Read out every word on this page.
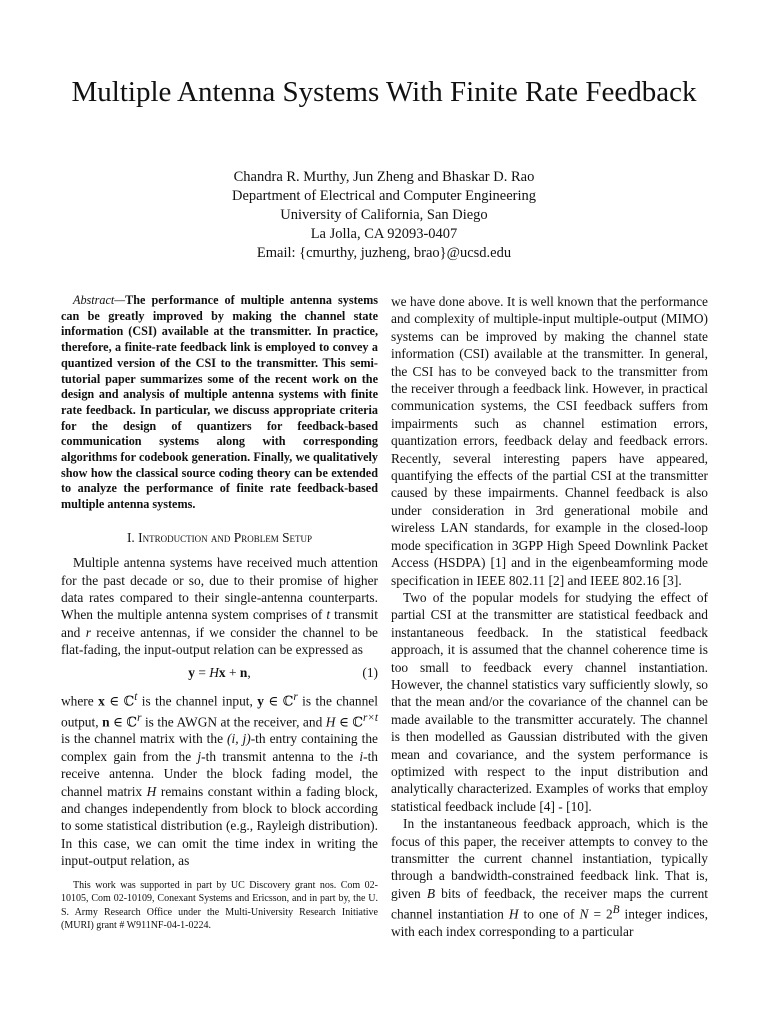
Multiple Antenna Systems With Finite Rate Feedback
Chandra R. Murthy, Jun Zheng and Bhaskar D. Rao
Department of Electrical and Computer Engineering
University of California, San Diego
La Jolla, CA 92093-0407
Email: {cmurthy, juzheng, brao}@ucsd.edu

Abstract—The performance of multiple antenna systems can be greatly improved by making the channel state information (CSI) available at the transmitter. In practice, therefore, a finite-rate feedback link is employed to convey a quantized version of the CSI to the transmitter. This semi-tutorial paper summarizes some of the recent work on the design and analysis of multiple antenna systems with finite rate feedback. In particular, we discuss appropriate criteria for the design of quantizers for feedback-based communication systems along with corresponding algorithms for codebook generation. Finally, we qualitatively show how the classical source coding theory can be extended to analyze the performance of finite rate feedback-based multiple antenna systems.

I. Introduction and Problem Setup

Multiple antenna systems have received much attention for the past decade or so, due to their promise of higher data rates compared to their single-antenna counterparts. When the multiple antenna system comprises of t transmit and r receive antennas, if we consider the channel to be flat-fading, the input-output relation can be expressed as

y = Hx + n,	(1)

where x ∈ ℂ$^t$ is the channel input, y ∈ ℂ$^r$ is the channel output, n ∈ ℂ$^r$ is the AWGN at the receiver, and H ∈ ℂ$^{r\times t}$ is the channel matrix with the (i, j)-th entry containing the complex gain from the j-th transmit antenna to the i-th receive antenna. Under the block fading model, the channel matrix H remains constant within a fading block, and changes independently from block to block according to some statistical distribution (e.g., Rayleigh distribution). In this case, we can omit the time index in writing the input-output relation, as

This work was supported in part by UC Discovery grant nos. Com 02-10105, Com 02-10109, Conexant Systems and Ericsson, and in part by, the U. S. Army Research Office under the Multi-University Research Initiative (MURI) grant # W911NF-04-1-0224.

we have done above. It is well known that the performance and complexity of multiple-input multiple-output (MIMO) systems can be improved by making the channel state information (CSI) available at the transmitter. In general, the CSI has to be conveyed back to the transmitter from the receiver through a feedback link. However, in practical communication systems, the CSI feedback suffers from impairments such as channel estimation errors, quantization errors, feedback delay and feedback errors. Recently, several interesting papers have appeared, quantifying the effects of the partial CSI at the transmitter caused by these impairments. Channel feedback is also under consideration in 3rd generational mobile and wireless LAN standards, for example in the closed-loop mode specification in 3GPP High Speed Downlink Packet Access (HSDPA) [1] and in the eigenbeamforming mode specification in IEEE 802.11 [2] and IEEE 802.16 [3].

Two of the popular models for studying the effect of partial CSI at the transmitter are statistical feedback and instantaneous feedback. In the statistical feedback approach, it is assumed that the channel coherence time is too small to feedback every channel instantiation. However, the channel statistics vary sufficiently slowly, so that the mean and/or the covariance of the channel can be made available to the transmitter accurately. The channel is then modelled as Gaussian distributed with the given mean and covariance, and the system performance is optimized with respect to the input distribution and analytically characterized. Examples of works that employ statistical feedback include [4] - [10].

In the instantaneous feedback approach, which is the focus of this paper, the receiver attempts to convey to the transmitter the current channel instantiation, typically through a bandwidth-constrained feedback link. That is, given B bits of feedback, the receiver maps the current channel instantiation H to one of $N = 2^B$ integer indices, with each index corresponding to a particular
